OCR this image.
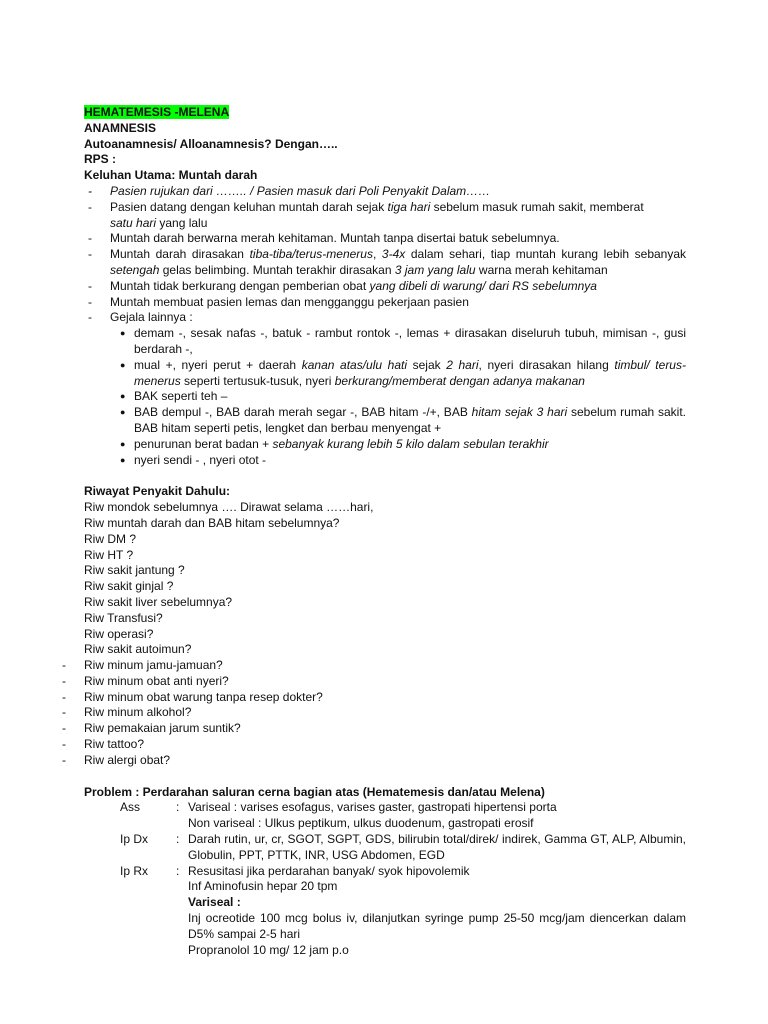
HEMATEMESIS -MELENA
ANAMNESIS
Autoanamnesis/ Alloanamnesis? Dengan…..
RPS :
Keluhan Utama: Muntah darah
- Pasien rujukan dari …….. / Pasien masuk dari Poli Penyakit Dalam……
- Pasien datang dengan keluhan muntah darah sejak tiga hari sebelum masuk rumah sakit, memberat
satu hari yang lalu
- Muntah darah berwarna merah kehitaman. Muntah tanpa disertai batuk sebelumnya.
- Muntah darah dirasakan tiba-tiba/terus-menerus, 3-4x dalam sehari, tiap muntah kurang lebih sebanyak setengah gelas belimbing. Muntah terakhir dirasakan 3 jam yang lalu warna merah kehitaman
- Muntah tidak berkurang dengan pemberian obat yang dibeli di warung/ dari RS sebelumnya
- Muntah membuat pasien lemas dan mengganggu pekerjaan pasien
- Gejala lainnya :
● demam -, sesak nafas -, batuk - rambut rontok -, lemas + dirasakan diseluruh tubuh, mimisan -, gusi berdarah -,
● mual +, nyeri perut + daerah kanan atas/ulu hati sejak 2 hari, nyeri dirasakan hilang timbul/ terus-menerus seperti tertusuk-tusuk, nyeri berkurang/memberat dengan adanya makanan
● BAK seperti teh –
● BAB dempul -, BAB darah merah segar -, BAB hitam -/+, BAB hitam sejak 3 hari sebelum rumah sakit. BAB hitam seperti petis, lengket dan berbau menyengat +
● penurunan berat badan + sebanyak kurang lebih 5 kilo dalam sebulan terakhir
● nyeri sendi - , nyeri otot -
Riwayat Penyakit Dahulu:
Riw mondok sebelumnya …. Dirawat selama ……hari,
Riw muntah darah dan BAB hitam sebelumnya?
Riw DM ?
Riw HT ?
Riw sakit jantung ?
Riw sakit ginjal ?
Riw sakit liver sebelumnya?
Riw Transfusi?
Riw operasi?
Riw sakit autoimun?
- Riw minum jamu-jamuan?
- Riw minum obat anti nyeri?
- Riw minum obat warung tanpa resep dokter?
- Riw minum alkohol?
- Riw pemakaian jarum suntik?
- Riw tattoo?
- Riw alergi obat?
Problem : Perdarahan saluran cerna bagian atas (Hematemesis dan/atau Melena)
Ass	: Variseal : varises esofagus, varises gaster, gastropati hipertensi porta
Non variseal : Ulkus peptikum, ulkus duodenum, gastropati erosif
Ip Dx	: Darah rutin, ur, cr, SGOT, SGPT, GDS, bilirubin total/direk/ indirek, Gamma GT, ALP, Albumin, Globulin, PPT, PTTK, INR, USG Abdomen, EGD
Ip Rx	: Resusitasi jika perdarahan banyak/ syok hipovolemik
Inf Aminofusin hepar 20 tpm
Variseal :
Inj ocreotide 100 mcg bolus iv, dilanjutkan syringe pump 25-50 mcg/jam diencerkan dalam D5% sampai 2-5 hari
Propranolol 10 mg/ 12 jam p.o
